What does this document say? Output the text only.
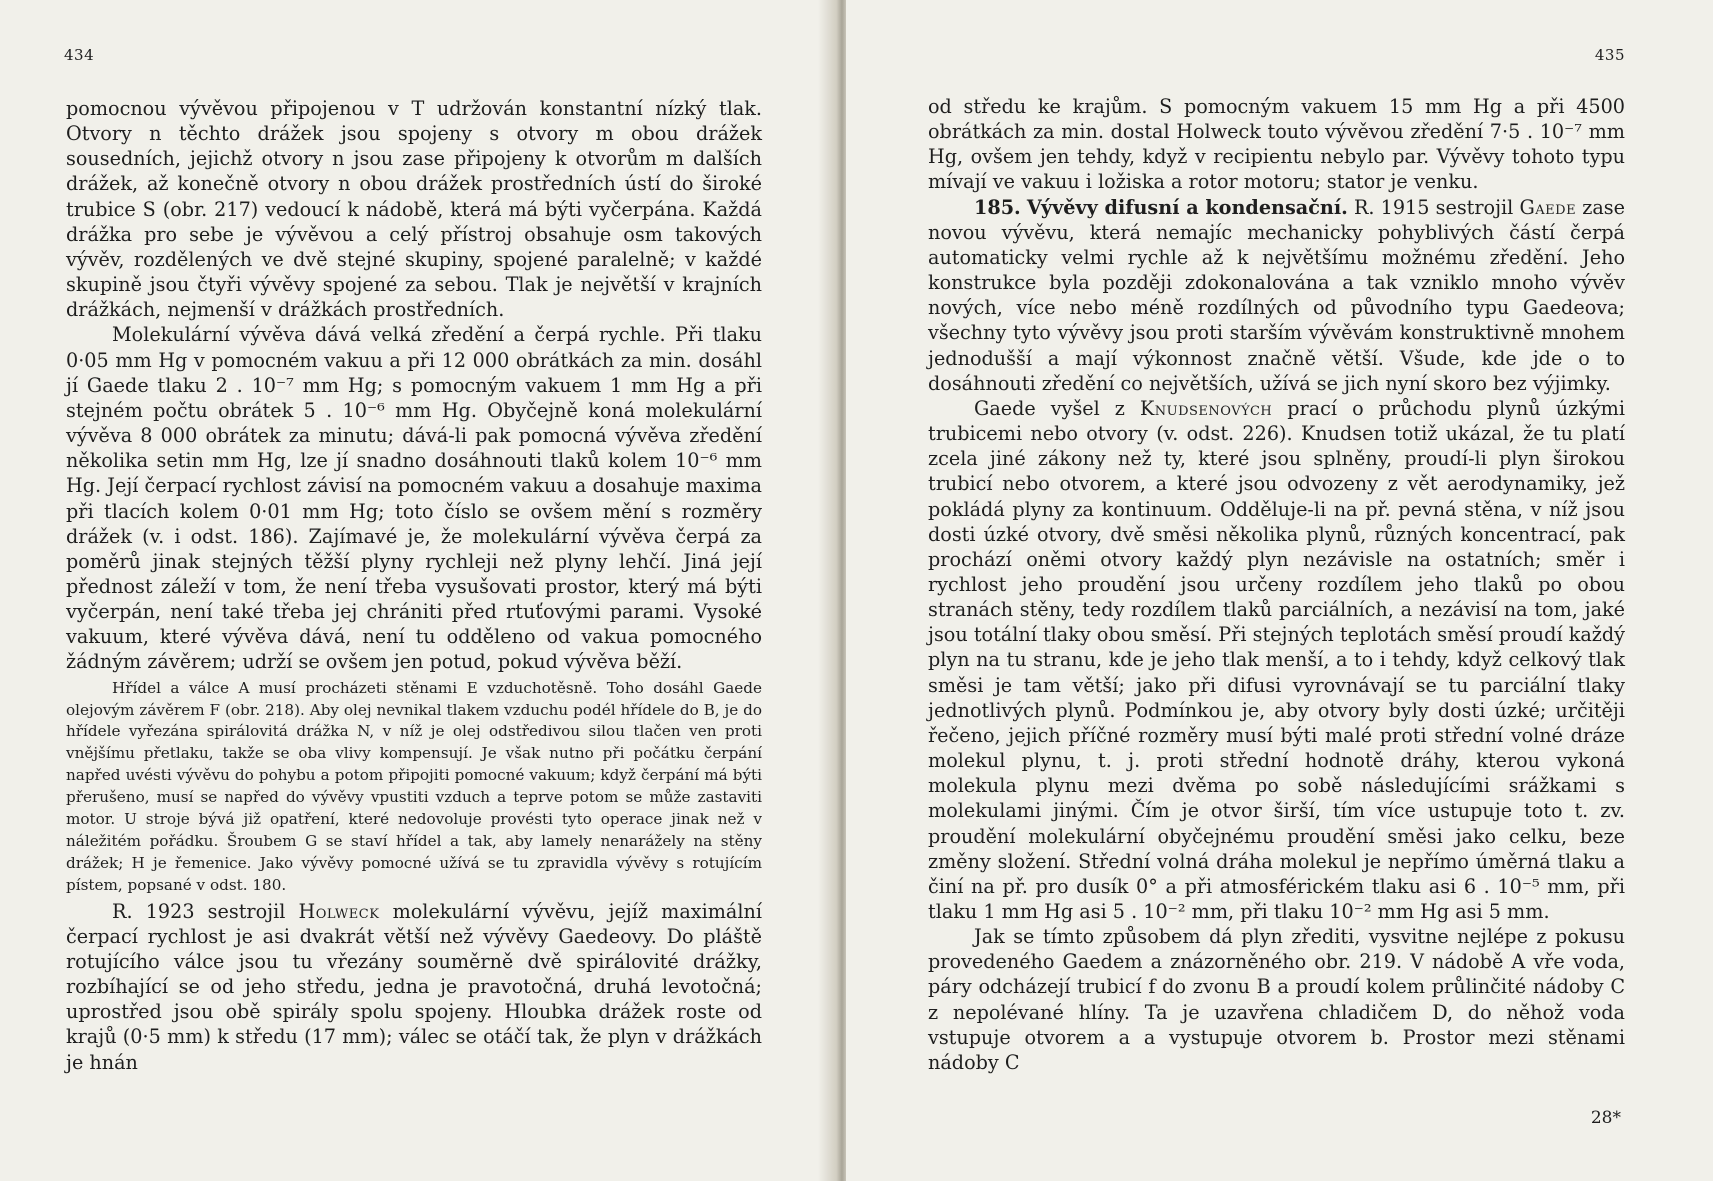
434

pomocnou vývěvou připojenou v T udržován konstantní nízký tlak. Otvory n těchto drážek jsou spojeny s otvory m obou drážek sousedních, jejichž otvory n jsou zase připojeny k otvorům m dalších drážek, až konečně otvory n obou drážek prostředních ústí do široké trubice S (obr. 217) vedoucí k nádobě, která má býti vyčerpána. Každá drážka pro sebe je vývěvou a celý přístroj obsahuje osm takových vývěv, rozdělených ve dvě stejné skupiny, spojené paralelně; v každé skupině jsou čtyři vývěvy spojené za sebou. Tlak je největší v krajních drážkách, nejmenší v drážkách prostředních.

Molekulární vývěva dává velká zředění a čerpá rychle. Při tlaku 0·05 mm Hg v pomocném vakuu a při 12 000 obrátkách za min. dosáhl jí Gaede tlaku 2 . 10⁻⁷ mm Hg; s pomocným vakuem 1 mm Hg a při stejném počtu obrátek 5 . 10⁻⁶ mm Hg. Obyčejně koná molekulární vývěva 8 000 obrátek za minutu; dává-li pak pomocná vývěva zředění několika setin mm Hg, lze jí snadno dosáhnouti tlaků kolem 10⁻⁶ mm Hg. Její čerpací rychlost závisí na pomocném vakuu a dosahuje maxima při tlacích kolem 0·01 mm Hg; toto číslo se ovšem mění s rozměry drážek (v. i odst. 186). Zajímavé je, že molekulární vývěva čerpá za poměrů jinak stejných těžší plyny rychleji než plyny lehčí. Jiná její přednost záleží v tom, že není třeba vysušovati prostor, který má býti vyčerpán, není také třeba jej chrániti před rtuťovými parami. Vysoké vakuum, které vývěva dává, není tu odděleno od vakua pomocného žádným závěrem; udrží se ovšem jen potud, pokud vývěva běží.

Hřídel a válce A musí procházeti stěnami E vzduchotěsně. Toho dosáhl Gaede olejovým závěrem F (obr. 218). Aby olej nevnikal tlakem vzduchu podél hřídele do B, je do hřídele vyřezána spirálovitá drážka N, v níž je olej odstředivou silou tlačen ven proti vnějšímu přetlaku, takže se oba vlivy kompensují. Je však nutno při počátku čerpání napřed uvésti vývěvu do pohybu a potom připojiti pomocné vakuum; když čerpání má býti přerušeno, musí se napřed do vývěvy vpustiti vzduch a teprve potom se může zastaviti motor. U stroje bývá již opatření, které nedovoluje provésti tyto operace jinak než v náležitém pořádku. Šroubem G se staví hřídel a tak, aby lamely nenarážely na stěny drážek; H je řemenice. Jako vývěvy pomocné užívá se tu zpravidla vývěvy s rotujícím pístem, popsané v odst. 180.

R. 1923 sestrojil Holweck molekulární vývěvu, jejíž maximální čerpací rychlost je asi dvakrát větší než vývěvy Gaedeovy. Do pláště rotujícího válce jsou tu vřezány souměrně dvě spirálovité drážky, rozbíhající se od jeho středu, jedna je pravotočná, druhá levotočná; uprostřed jsou obě spirály spolu spojeny. Hloubka drážek roste od krajů (0·5 mm) k středu (17 mm); válec se otáčí tak, že plyn v drážkách je hnán

435

od středu ke krajům. S pomocným vakuem 15 mm Hg a při 4500 obrátkách za min. dostal Holweck touto vývěvou zředění 7·5 . 10⁻⁷ mm Hg, ovšem jen tehdy, když v recipientu nebylo par. Vývěvy tohoto typu mívají ve vakuu i ložiska a rotor motoru; stator je venku.

185. Vývěvy difusní a kondensační. R. 1915 sestrojil Gaede zase novou vývěvu, která nemajíc mechanicky pohyblivých částí čerpá automaticky velmi rychle až k největšímu možnému zředění. Jeho konstrukce byla později zdokonalována a tak vzniklo mnoho vývěv nových, více nebo méně rozdílných od původního typu Gaedeova; všechny tyto vývěvy jsou proti starším vývěvám konstruktivně mnohem jednodušší a mají výkonnost značně větší. Všude, kde jde o to dosáhnouti zředění co největších, užívá se jich nyní skoro bez výjimky.

Gaede vyšel z Knudsenových prací o průchodu plynů úzkými trubicemi nebo otvory (v. odst. 226). Knudsen totiž ukázal, že tu platí zcela jiné zákony než ty, které jsou splněny, proudí-li plyn širokou trubicí nebo otvorem, a které jsou odvozeny z vět aerodynamiky, jež pokládá plyny za kontinuum. Odděluje-li na př. pevná stěna, v níž jsou dosti úzké otvory, dvě směsi několika plynů, různých koncentrací, pak prochází oněmi otvory každý plyn nezávisle na ostatních; směr i rychlost jeho proudění jsou určeny rozdílem jeho tlaků po obou stranách stěny, tedy rozdílem tlaků parciálních, a nezávisí na tom, jaké jsou totální tlaky obou směsí. Při stejných teplotách směsí proudí každý plyn na tu stranu, kde je jeho tlak menší, a to i tehdy, když celkový tlak směsi je tam větší; jako při difusi vyrovnávají se tu parciální tlaky jednotlivých plynů. Podmínkou je, aby otvory byly dosti úzké; určitěji řečeno, jejich příčné rozměry musí býti malé proti střední volné dráze molekul plynu, t. j. proti střední hodnotě dráhy, kterou vykoná molekula plynu mezi dvěma po sobě následujícími srážkami s molekulami jinými. Čím je otvor širší, tím více ustupuje toto t. zv. proudění molekulární obyčejnému proudění směsi jako celku, beze změny složení. Střední volná dráha molekul je nepřímo úměrná tlaku a činí na př. pro dusík 0° a při atmosférickém tlaku asi 6 . 10⁻⁵ mm, při tlaku 1 mm Hg asi 5 . 10⁻² mm, při tlaku 10⁻² mm Hg asi 5 mm.

Jak se tímto způsobem dá plyn zřediti, vysvitne nejlépe z pokusu provedeného Gaedem a znázorněného obr. 219. V nádobě A vře voda, páry odcházejí trubicí f do zvonu B a proudí kolem průlinčité nádoby C z nepolévané hlíny. Ta je uzavřena chladičem D, do něhož voda vstupuje otvorem a a vystupuje otvorem b. Prostor mezi stěnami nádoby C

28*
